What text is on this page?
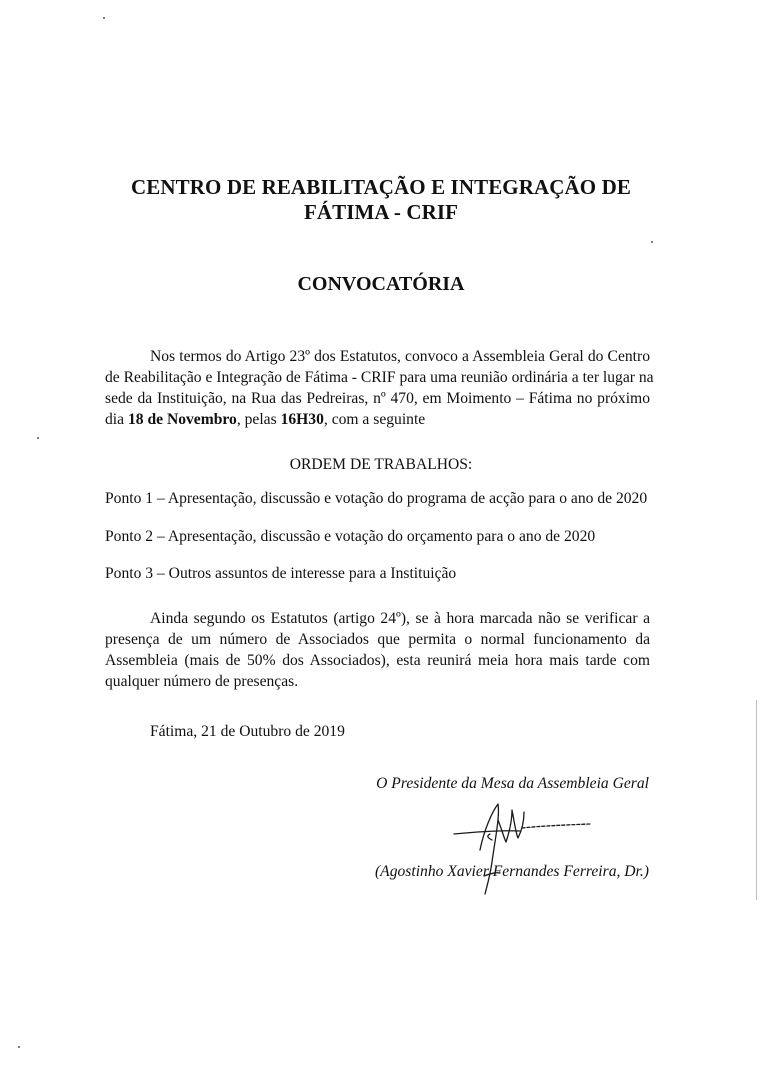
CENTRO DE REABILITAÇÃO E INTEGRAÇÃO DE
FÁTIMA - CRIF
CONVOCATÓRIA
Nos termos do Artigo 23º dos Estatutos, convoco a Assembleia Geral do Centro
de Reabilitação e Integração de Fátima - CRIF para uma reunião ordinária a ter lugar na
sede da Instituição, na Rua das Pedreiras, nº 470, em Moimento – Fátima no próximo
dia 18 de Novembro, pelas 16H30, com a seguinte
ORDEM DE TRABALHOS:
Ponto 1 – Apresentação, discussão e votação do programa de acção para o ano de 2020
Ponto 2 – Apresentação, discussão e votação do orçamento para o ano de 2020
Ponto 3 – Outros assuntos de interesse para a Instituição
Ainda segundo os Estatutos (artigo 24º), se à hora marcada não se verificar a
presença de um número de Associados que permita o normal funcionamento da
Assembleia (mais de 50% dos Associados), esta reunirá meia hora mais tarde com
qualquer número de presenças.
Fátima, 21 de Outubro de 2019
O Presidente da Mesa da Assembleia Geral
(Agostinho Xavier Fernandes Ferreira, Dr.)
